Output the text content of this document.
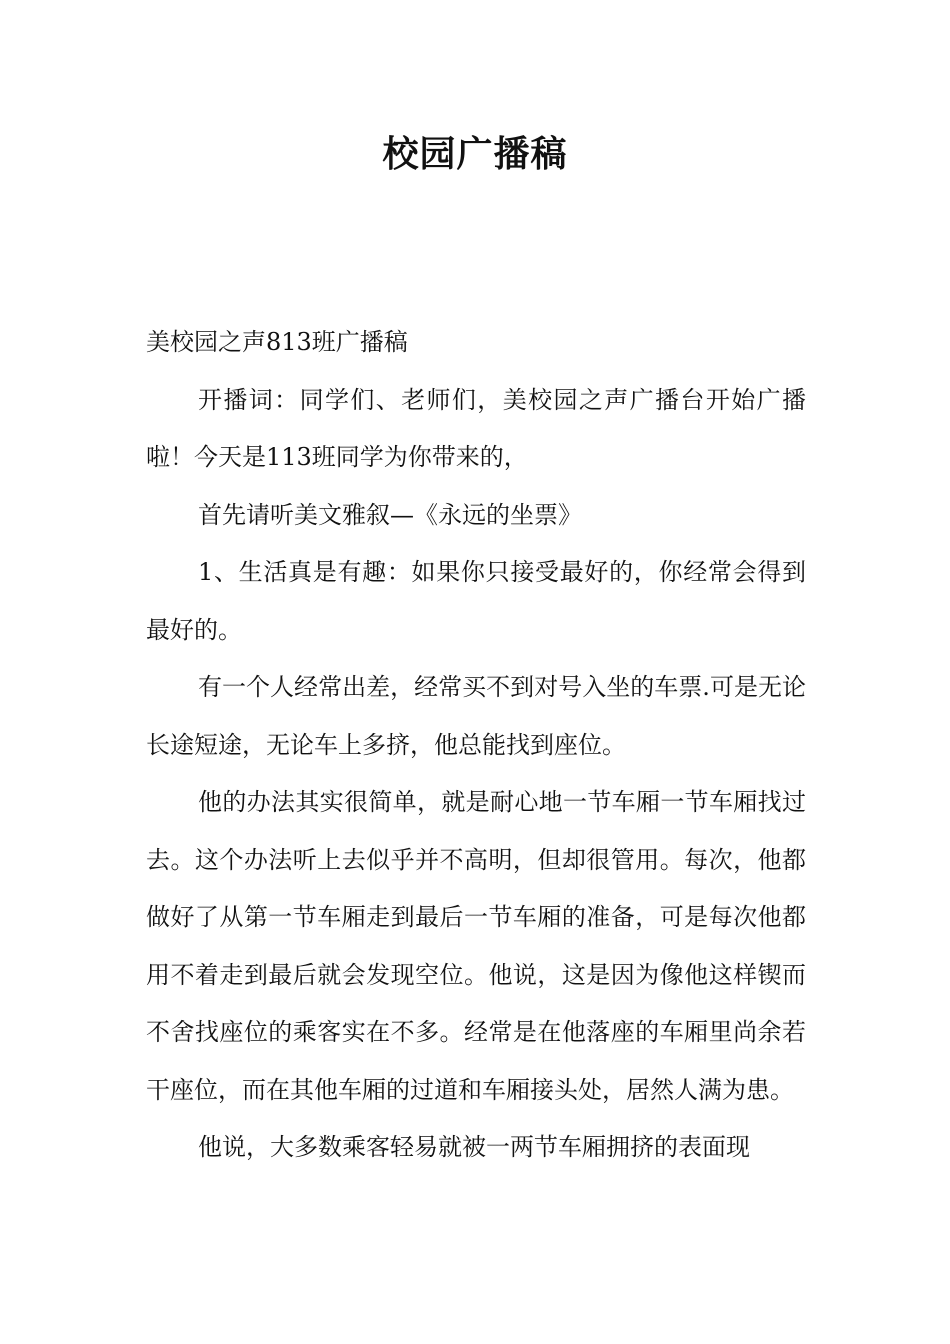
校园广播稿

美校园之声813班广播稿

开播词：同学们、老师们，美校园之声广播台开始广播啦！今天是113班同学为你带来的，

首先请听美文雅叙—《永远的坐票》

1、生活真是有趣：如果你只接受最好的，你经常会得到最好的。

有一个人经常出差，经常买不到对号入坐的车票.可是无论长途短途，无论车上多挤，他总能找到座位。

他的办法其实很简单，就是耐心地一节车厢一节车厢找过去。这个办法听上去似乎并不高明，但却很管用。每次，他都做好了从第一节车厢走到最后一节车厢的准备，可是每次他都用不着走到最后就会发现空位。他说，这是因为像他这样锲而不舍找座位的乘客实在不多。经常是在他落座的车厢里尚余若干座位，而在其他车厢的过道和车厢接头处，居然人满为患。

他说，大多数乘客轻易就被一两节车厢拥挤的表面现
